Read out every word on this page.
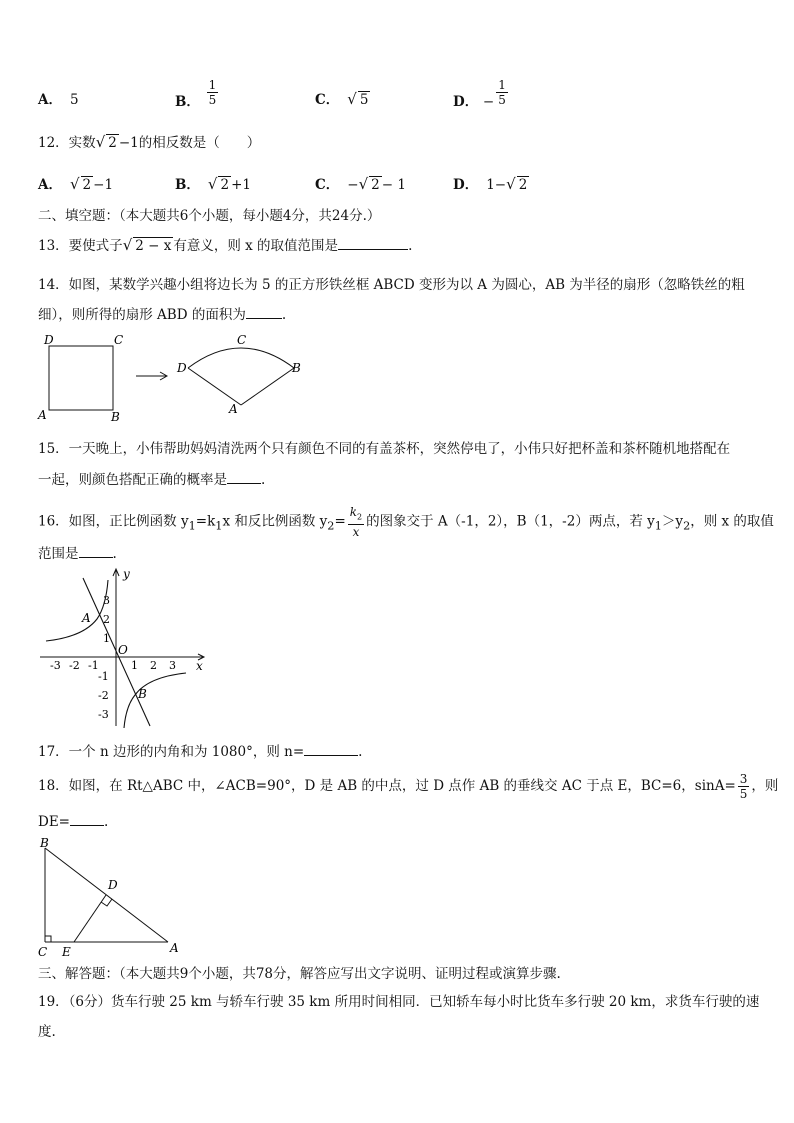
A． 5	B． $\frac{1}{5}$	C． √ 5	D． − $\frac{1}{5}$
12．实数√ 2 −1的相反数是（　　）
A． √ 2 −1	B． √ 2 +1	C． −√ 2 − 1	D． 1−√ 2
二、填空题：（本大题共6个小题，每小题4分，共24分.）
13．要使式子√ 2 − x 有意义，则 x 的取值范围是	.
14．如图，某数学兴趣小组将边长为 5 的正方形铁丝框 ABCD 变形为以 A 为圆心，AB 为半径的扇形（忽略铁丝的粗
细），则所得的扇形 ABD 的面积为	.
D	C
A	B
D
C
A
B
15．一天晚上，小伟帮助妈妈清洗两个只有颜色不同的有盖茶杯，突然停电了，小伟只好把杯盖和茶杯随机地搭配在
一起，则颜色搭配正确的概率是	.
16．如图，正比例函数 $y_1=k_1x$ 和反比例函数 $y_2= \frac{k_2}{x}$ 的图象交于 A（-1，2），B（1，-2）两点，若 $y_1>y_2$，则 x 的取值
范围是	.
y
x
O
-3 -2 -1	1 2 3
3
2
1
-1
-2
-3
A
B
17．一个 n 边形的内角和为 1080°，则 n=	.
18．如图，在 Rt△ABC 中，∠ACB=90°，D 是 AB 的中点，过 D 点作 AB 的垂线交 AC 于点 E，BC=6，$\sin A= \frac{3}{5}$ ，则
DE=	.
B
D
C E	A
三、解答题：（本大题共9个小题，共78分，解答应写出文字说明、证明过程或演算步骤.
19．（6分）货车行驶 25 km 与轿车行驶 35 km 所用时间相同．已知轿车每小时比货车多行驶 20 km，求货车行驶的速
度.
